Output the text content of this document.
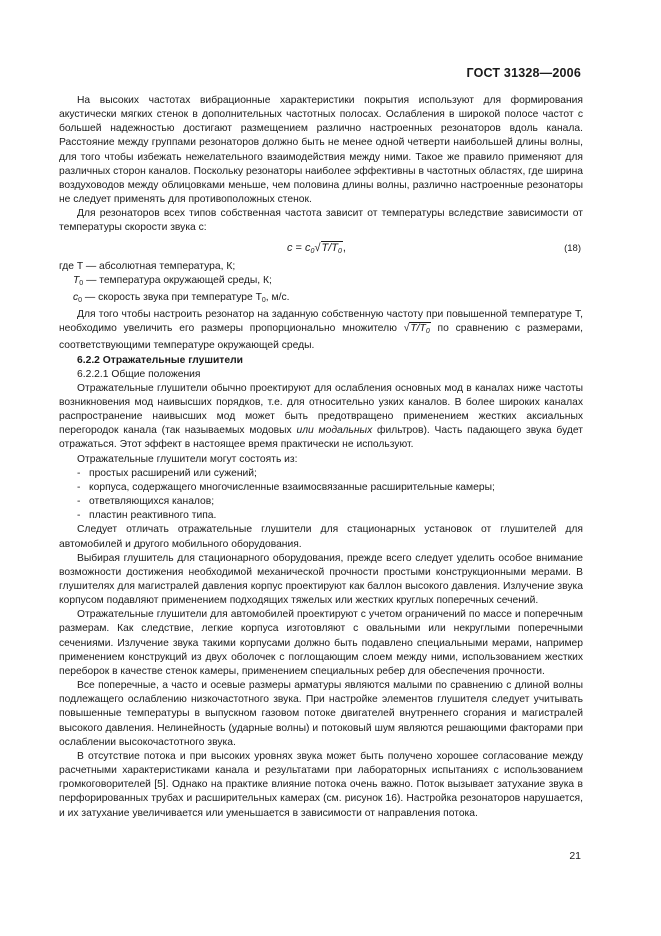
ГОСТ 31328—2006

На высоких частотах вибрационные характеристики покрытия используют для формирования акустически мягких стенок в дополнительных частотных полосах. Ослабления в широкой полосе частот с большей надежностью достигают размещением различно настроенных резонаторов вдоль канала. Расстояние между группами резонаторов должно быть не менее одной четверти наибольшей длины волны, для того чтобы избежать нежелательного взаимодействия между ними. Такое же правило применяют для различных сторон каналов. Поскольку резонаторы наиболее эффективны в частотных областях, где ширина воздуховодов между облицовками меньше, чем половина длины волны, различно настроенные резонаторы не следует применять для противоположных стенок.

Для резонаторов всех типов собственная частота зависит от температуры вследствие зависимости от температуры скорости звука c:

$c = c_0√T/T_0$,	(18)

где T — абсолютная температура, К;

$T_0$ — температура окружающей среды, К;

$c_0$ — скорость звука при температуре $T_0$, м/с.

Для того чтобы настроить резонатор на заданную собственную частоту при повышенной температуре T, необходимо увеличить его размеры пропорционально множителю $√T/T_0$ по сравнению с размерами, соответствующими температуре окружающей среды.

6.2.2 Отражательные глушители

6.2.2.1 Общие положения

Отражательные глушители обычно проектируют для ослабления основных мод в каналах ниже частоты возникновения мод наивысших порядков, т.е. для относительно узких каналов. В более широких каналах распространение наивысших мод может быть предотвращено применением жестких аксиальных перегородок канала (так называемых модовых или модальных фильтров). Часть падающего звука будет отражаться. Этот эффект в настоящее время практически не используют.

Отражательные глушители могут состоять из:

- простых расширений или сужений;
- корпуса, содержащего многочисленные взаимосвязанные расширительные камеры;
- ответвляющихся каналов;
- пластин реактивного типа.

Следует отличать отражательные глушители для стационарных установок от глушителей для автомобилей и другого мобильного оборудования.

Выбирая глушитель для стационарного оборудования, прежде всего следует уделить особое внимание возможности достижения необходимой механической прочности простыми конструкционными мерами. В глушителях для магистралей давления корпус проектируют как баллон высокого давления. Излучение звука корпусом подавляют применением подходящих тяжелых или жестких круглых поперечных сечений.

Отражательные глушители для автомобилей проектируют с учетом ограничений по массе и поперечным размерам. Как следствие, легкие корпуса изготовляют с овальными или некруглыми поперечными сечениями. Излучение звука такими корпусами должно быть подавлено специальными мерами, например применением конструкций из двух оболочек с поглощающим слоем между ними, использованием жестких переборок в качестве стенок камеры, применением специальных ребер для обеспечения прочности.

Все поперечные, а часто и осевые размеры арматуры являются малыми по сравнению с длиной волны подлежащего ослаблению низкочастотного звука. При настройке элементов глушителя следует учитывать повышенные температуры в выпускном газовом потоке двигателей внутреннего сгорания и магистралей высокого давления. Нелинейность (ударные волны) и потоковый шум являются решающими факторами при ослаблении высокочастотного звука.

В отсутствие потока и при высоких уровнях звука может быть получено хорошее согласование между расчетными характеристиками канала и результатами при лабораторных испытаниях с использованием громкоговорителей [5]. Однако на практике влияние потока очень важно. Поток вызывает затухание звука в перфорированных трубах и расширительных камерах (см. рисунок 16). Настройка резонаторов нарушается, и их затухание увеличивается или уменьшается в зависимости от направления потока.

21
